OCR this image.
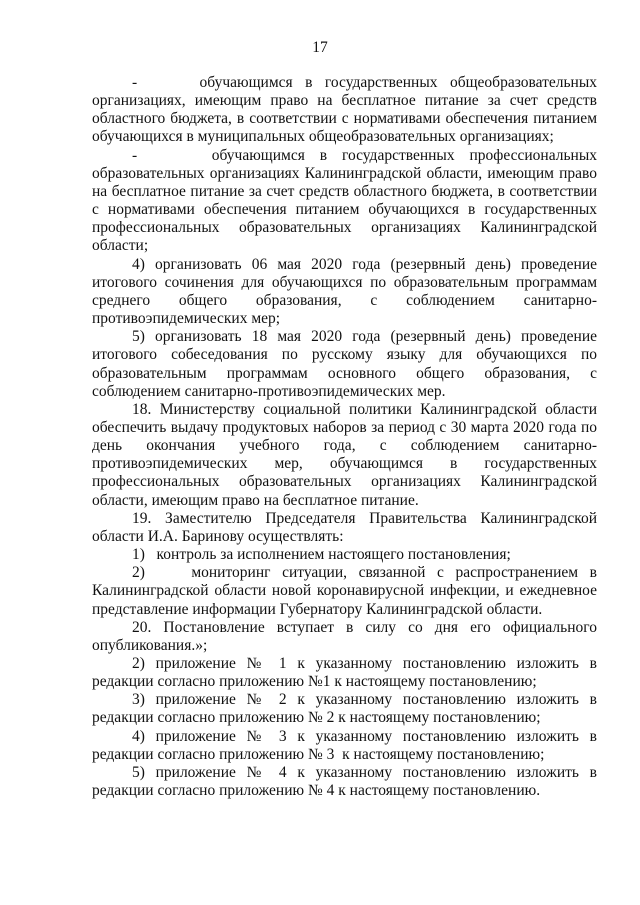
17

-     обучающимся в государственных общеобразовательных организациях, имеющим право на бесплатное питание за счет средств областного бюджета, в соответствии с нормативами обеспечения питанием обучающихся в муниципальных общеобразовательных организациях;

-     обучающимся в государственных профессиональных образовательных организациях Калининградской области, имеющим право на бесплатное питание за счет средств областного бюджета, в соответствии с нормативами обеспечения питанием обучающихся в государственных профессиональных образовательных организациях Калининградской области;

4) организовать 06 мая 2020 года (резервный день) проведение итогового сочинения для обучающихся по образовательным программам среднего общего образования, с соблюдением санитарно-противоэпидемических мер;

5) организовать 18 мая 2020 года (резервный день) проведение итогового собеседования по русскому языку для обучающихся по образовательным программам основного общего образования, с соблюдением санитарно-противоэпидемических мер.

18. Министерству социальной политики Калининградской области обеспечить выдачу продуктовых наборов за период с 30 марта 2020 года по день окончания учебного года, с соблюдением санитарно-противоэпидемических мер, обучающимся в государственных профессиональных образовательных организациях Калининградской области, имеющим право на бесплатное питание.

19. Заместителю Председателя Правительства Калининградской области И.А. Баринову осуществлять:

1)   контроль за исполнением настоящего постановления;

2)    мониторинг ситуации, связанной с распространением в Калининградской области новой коронавирусной инфекции, и ежедневное представление информации Губернатору Калининградской области.

20. Постановление вступает в силу со дня его официального опубликования.»;

2) приложение № 1 к указанному постановлению изложить в редакции согласно приложению №1 к настоящему постановлению;

3) приложение № 2 к указанному постановлению изложить в редакции согласно приложению № 2 к настоящему постановлению;

4) приложение № 3 к указанному постановлению изложить в редакции согласно приложению № 3  к настоящему постановлению;

5) приложение № 4 к указанному постановлению изложить в редакции согласно приложению № 4 к настоящему постановлению.
